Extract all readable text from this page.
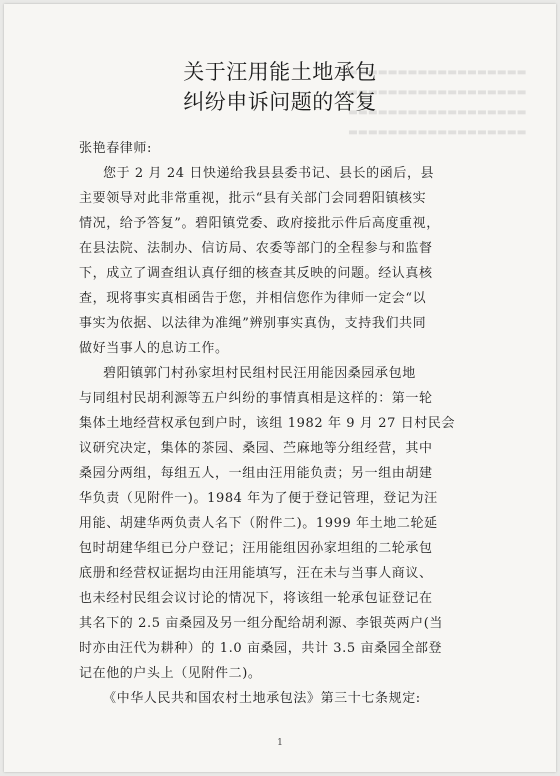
▬▬▬▬▬▬▬▬▬▬▬▬▬▬▬▬▬▬
▬▬▬▬▬▬▬▬▬▬▬▬▬▬▬▬▬▬
▬▬▬▬▬▬▬▬▬▬▬▬▬▬▬▬▬▬
▬▬▬▬▬▬▬▬▬▬▬▬▬▬▬▬▬▬
关于汪用能土地承包
纠纷申诉问题的答复
张艳春律师:
您于 2 月 24 日快递给我县县委书记、县长的函后，县
主要领导对此非常重视，批示“县有关部门会同碧阳镇核实
情况，给予答复”。碧阳镇党委、政府接批示件后高度重视，
在县法院、法制办、信访局、农委等部门的全程参与和监督
下，成立了调查组认真仔细的核查其反映的问题。经认真核
查，现将事实真相函告于您，并相信您作为律师一定会“以
事实为依据、以法律为准绳”辨别事实真伪，支持我们共同
做好当事人的息访工作。
碧阳镇郭门村孙家坦村民组村民汪用能因桑园承包地
与同组村民胡利源等五户纠纷的事情真相是这样的：第一轮
集体土地经营权承包到户时，该组 1982 年 9 月 27 日村民会
议研究决定，集体的茶园、桑园、苎麻地等分组经营，其中
桑园分两组，每组五人，一组由汪用能负责；另一组由胡建
华负责（见附件一)。1984 年为了便于登记管理，登记为汪
用能、胡建华两负责人名下（附件二)。1999 年土地二轮延
包时胡建华组已分户登记；汪用能组因孙家坦组的二轮承包
底册和经营权证据均由汪用能填写，汪在未与当事人商议、
也未经村民组会议讨论的情况下，将该组一轮承包证登记在
其名下的 2.5 亩桑园及另一组分配给胡利源、李银英两户(当
时亦由汪代为耕种）的 1.0 亩桑园，共计 3.5 亩桑园全部登
记在他的户头上（见附件二)。
《中华人民共和国农村土地承包法》第三十七条规定:
1
